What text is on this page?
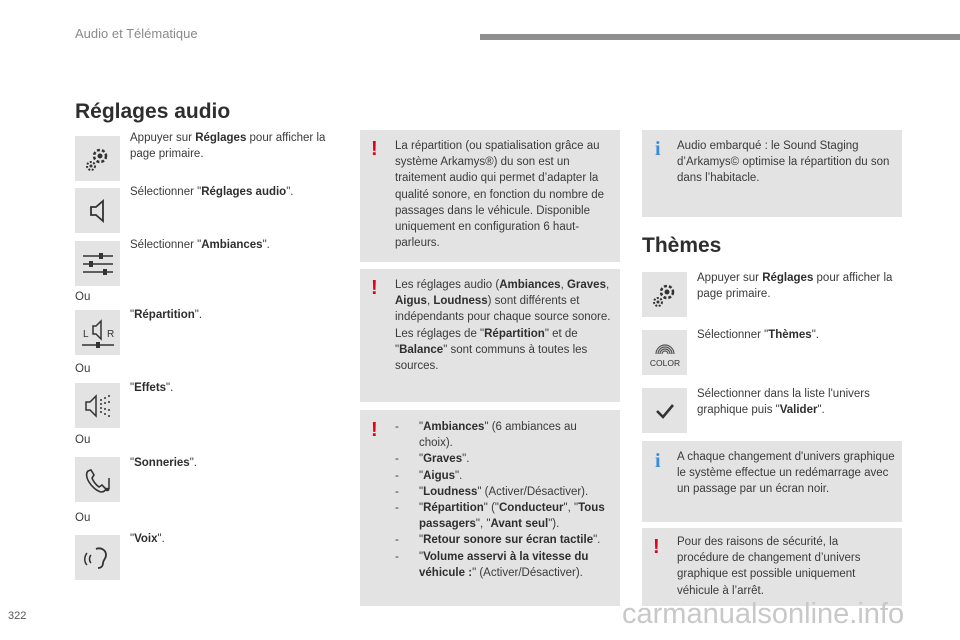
Audio et Télématique
Réglages audio
Appuyer sur Réglages pour afficher la page primaire.
Sélectionner "Réglages audio".
Sélectionner "Ambiances".
Ou
L R
"Répartition".
Ou
"Effets".
Ou
"Sonneries".
Ou
"Voix".
! La répartition (ou spatialisation grâce au système Arkamys®) du son est un traitement audio qui permet d’adapter la qualité sonore, en fonction du nombre de passages dans le véhicule. Disponible uniquement en configuration 6 haut-parleurs.
! Les réglages audio (Ambiances, Graves, Aigus, Loudness) sont différents et indépendants pour chaque source sonore.
Les réglages de "Répartition" et de "Balance" sont communs à toutes les sources.
! - "Ambiances" (6 ambiances au choix).
- "Graves".
- "Aigus".
- "Loudness" (Activer/Désactiver).
- "Répartition" ("Conducteur", "Tous passagers", "Avant seul").
- "Retour sonore sur écran tactile".
- "Volume asservi à la vitesse du véhicule :" (Activer/Désactiver).
i Audio embarqué : le Sound Staging d’Arkamys© optimise la répartition du son dans l’habitacle.
Thèmes
Appuyer sur Réglages pour afficher la page primaire.
COLOR
Sélectionner "Thèmes".
Sélectionner dans la liste l'univers graphique puis "Valider".
i A chaque changement d'univers graphique le système effectue un redémarrage avec un passage par un écran noir.
! Pour des raisons de sécurité, la procédure de changement d’univers graphique est possible uniquement véhicule à l’arrêt.
322	carmanualsonline.info
